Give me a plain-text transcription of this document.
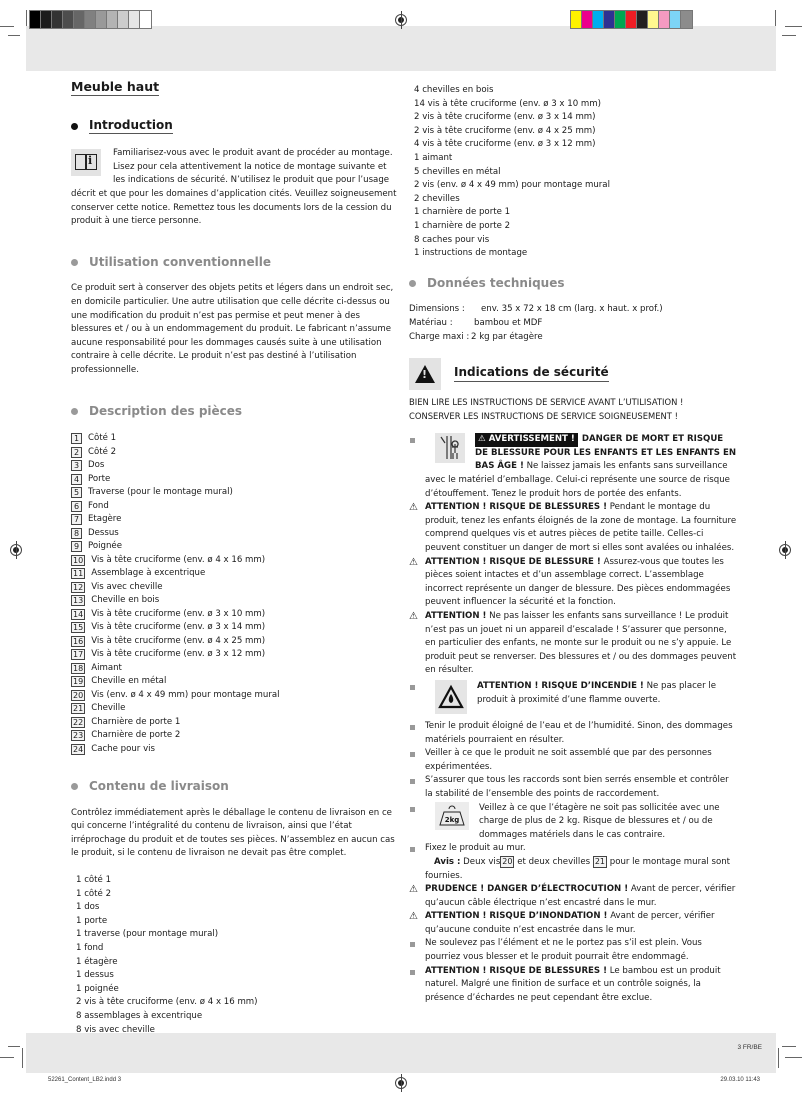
Meuble haut
Introduction
i

Familiarisez-vous avec le produit avant de procéder au montage. Lisez pour cela attentivement la notice de montage suivante et les indications de sécurité. N’utilisez le produit que pour l’usage décrit et que pour les domaines d’application cités. Veuillez soigneusement conserver cette notice. Remettez tous les documents lors de la cession du produit à une tierce personne.

Utilisation conventionnelle

Ce produit sert à conserver des objets petits et légers dans un endroit sec, en domicile particulier. Une autre utilisation que celle décrite ci-dessus ou une modification du produit n’est pas permise et peut mener à des blessures et / ou à un endommagement du produit. Le fabricant n’assume aucune responsabilité pour les dommages causés suite à une utilisation contraire à celle décrite. Le produit n’est pas destiné à l’utilisation professionnelle.

Description des pièces
1	Côté 1
2	Côté 2
3	Dos
4	Porte
5	Traverse (pour le montage mural)
6	Fond
7	Etagère
8	Dessus
9	Poignée
10 Vis à tête cruciforme (env. ø 4 x 16 mm)
11 Assemblage à excentrique
12 Vis avec cheville
13 Cheville en bois
14 Vis à tête cruciforme (env. ø 3 x 10 mm)
15 Vis à tête cruciforme (env. ø 3 x 14 mm)
16 Vis à tête cruciforme (env. ø 4 x 25 mm)
17 Vis à tête cruciforme (env. ø 3 x 12 mm)
18 Aimant
19 Cheville en métal
20 Vis (env. ø 4 x 49 mm) pour montage mural
21 Cheville
22 Charnière de porte 1
23 Charnière de porte 2
24 Cache pour vis
Contenu de livraison

Contrôlez immédiatement après le déballage le contenu de livraison en ce qui concerne l’intégralité du contenu de livraison, ainsi que l’état irréprochage du produit et de toutes ses pièces. N’assemblez en aucun cas le produit, si le contenu de livraison ne devait pas être complet.

1 côté 1
1 côté 2
1 dos
1 porte
1 traverse (pour montage mural)
1 fond
1 étagère
1 dessus
1 poignée
2 vis à tête cruciforme (env. ø 4 x 16 mm)
8 assemblages à excentrique
8 vis avec cheville
4 chevilles en bois
14 vis à tête cruciforme (env. ø 3 x 10 mm)
2 vis à tête cruciforme (env. ø 3 x 14 mm)
2 vis à tête cruciforme (env. ø 4 x 25 mm)
4 vis à tête cruciforme (env. ø 3 x 12 mm)
1 aimant
5 chevilles en métal
2 vis (env. ø 4 x 49 mm) pour montage mural
2 chevilles
1 charnière de porte 1
1 charnière de porte 2
8 caches pour vis
1 instructions de montage
Données techniques
Dimensions :	env. 35 x 72 x 18 cm (larg. x haut. x prof.)
Matériau :	bambou et MDF
Charge maxi : 2 kg par étagère
!
Indications de sécurité
BIEN LIRE LES INSTRUCTIONS DE SERVICE AVANT L’UTILISATION !
CONSERVER LES INSTRUCTIONS DE SERVICE SOIGNEUSEMENT !
⚠ AVERTISSEMENT ! DANGER DE MORT ET RISQUE DE BLESSURE POUR LES ENFANTS ET LES ENFANTS EN BAS ÂGE ! Ne laissez jamais les enfants sans surveillance avec le matériel d’emballage. Celui-ci représente une source de risque d’étouffement. Tenez le produit hors de portée des enfants.
⚠ ATTENTION ! RISQUE DE BLESSURES ! Pendant le montage du produit, tenez les enfants éloignés de la zone de montage. La fourniture comprend quelques vis et autres pièces de petite taille. Celles-ci peuvent constituer un danger de mort si elles sont avalées ou inhalées.
⚠ ATTENTION ! RISQUE DE BLESSURE ! Assurez-vous que toutes les pièces soient intactes et d’un assemblage correct. L’assemblage incorrect représente un danger de blessure. Des pièces endommagées peuvent influencer la sécurité et la fonction.
⚠ ATTENTION ! Ne pas laisser les enfants sans surveillance ! Le produit n’est pas un jouet ni un appareil d’escalade ! S’assurer que personne, en particulier des enfants, ne monte sur le produit ou ne s’y appuie. Le produit peut se renverser. Des blessures et / ou des dommages peuvent en résulter.
ATTENTION ! RISQUE D’INCENDIE ! Ne pas placer le produit à proximité d’une flamme ouverte.
Tenir le produit éloigné de l’eau et de l’humidité. Sinon, des dommages matériels pourraient en résulter.
Veiller à ce que le produit ne soit assemblé que par des personnes expérimentées.
S’assurer que tous les raccords sont bien serrés ensemble et contrôler la stabilité de l’ensemble des points de raccordement.
2kg
Veillez à ce que l’étagère ne soit pas sollicitée avec une charge de plus de 2 kg. Risque de blessures et / ou de dommages matériels dans le cas contraire.
Fixez le produit au mur.
Avis : Deux vis 20 et deux chevilles 21 pour le montage mural sont fournies.
⚠ PRUDENCE ! DANGER D’ÉLECTROCUTION ! Avant de percer, vérifier qu’aucun câble électrique n’est encastré dans le mur.
⚠ ATTENTION ! RISQUE D’INONDATION ! Avant de percer, vérifier qu’aucune conduite n’est encastrée dans le mur.
Ne soulevez pas l’élément et ne le portez pas s’il est plein. Vous pourriez vous blesser et le produit pourrait être endommagé.
ATTENTION ! RISQUE DE BLESSURES ! Le bambou est un produit naturel. Malgré une finition de surface et un contrôle soignés, la présence d’échardes ne peut cependant être exclue.
3 FR/BE
52261_Content_LB2.indd 3	29.03.10 11:43
